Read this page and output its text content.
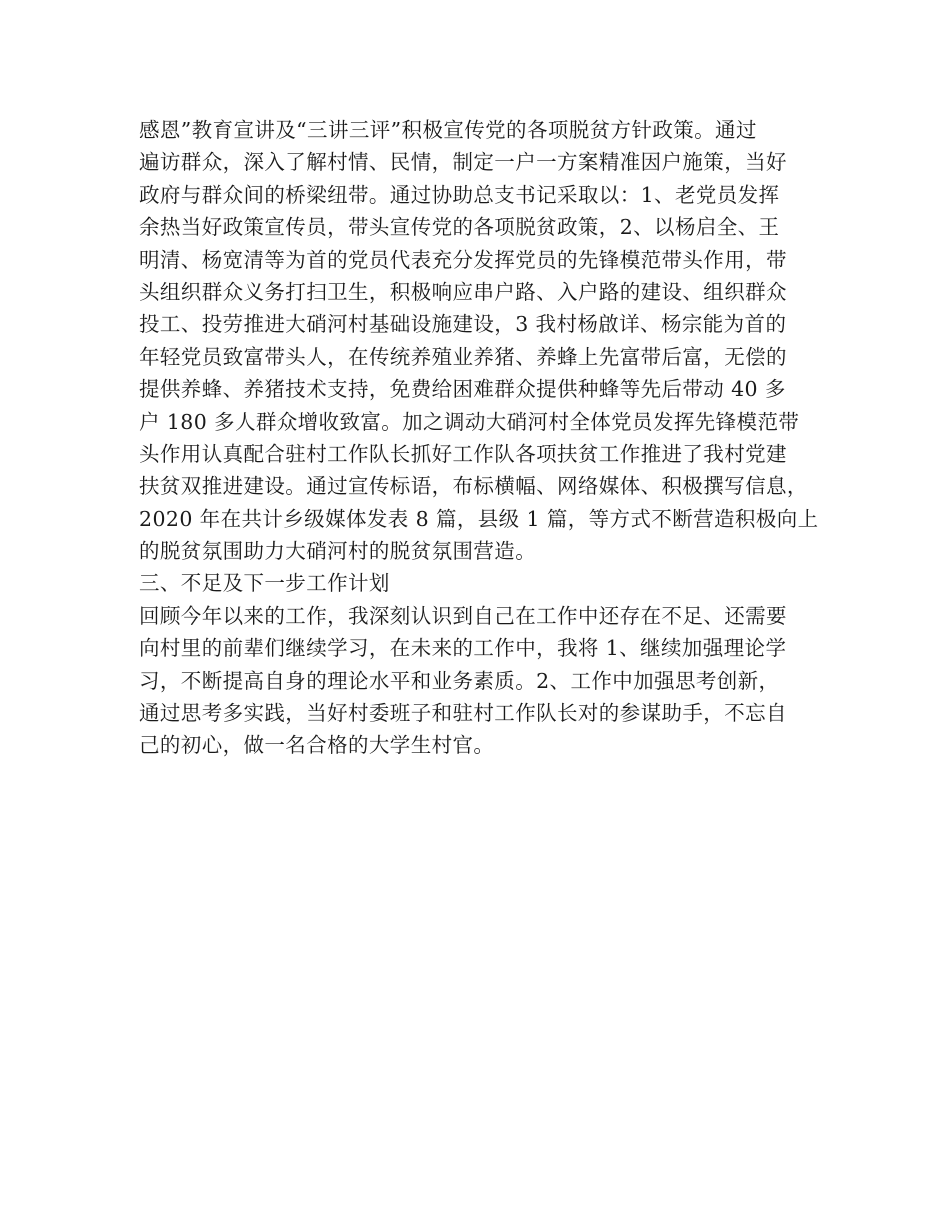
感恩”教育宣讲及“三讲三评”积极宣传党的各项脱贫方针政策。通过
遍访群众，深入了解村情、民情，制定一户一方案精准因户施策，当好
政府与群众间的桥梁纽带。通过协助总支书记采取以：1、老党员发挥
余热当好政策宣传员，带头宣传党的各项脱贫政策，2、以杨启全、王
明清、杨宽清等为首的党员代表充分发挥党员的先锋模范带头作用，带
头组织群众义务打扫卫生，积极响应串户路、入户路的建设、组织群众
投工、投劳推进大硝河村基础设施建设，3 我村杨啟详、杨宗能为首的
年轻党员致富带头人，在传统养殖业养猪、养蜂上先富带后富，无偿的
提供养蜂、养猪技术支持，免费给困难群众提供种蜂等先后带动 40 多
户 180 多人群众增收致富。加之调动大硝河村全体党员发挥先锋模范带
头作用认真配合驻村工作队长抓好工作队各项扶贫工作推进了我村党建
扶贫双推进建设。通过宣传标语，布标横幅、网络媒体、积极撰写信息，
2020 年在共计乡级媒体发表 8 篇，县级 1 篇，等方式不断营造积极向上
的脱贫氛围助力大硝河村的脱贫氛围营造。
三、不足及下一步工作计划
回顾今年以来的工作，我深刻认识到自己在工作中还存在不足、还需要
向村里的前辈们继续学习，在未来的工作中，我将 1、继续加强理论学
习，不断提高自身的理论水平和业务素质。2、工作中加强思考创新，
通过思考多实践，当好村委班子和驻村工作队长对的参谋助手，不忘自
己的初心，做一名合格的大学生村官。
